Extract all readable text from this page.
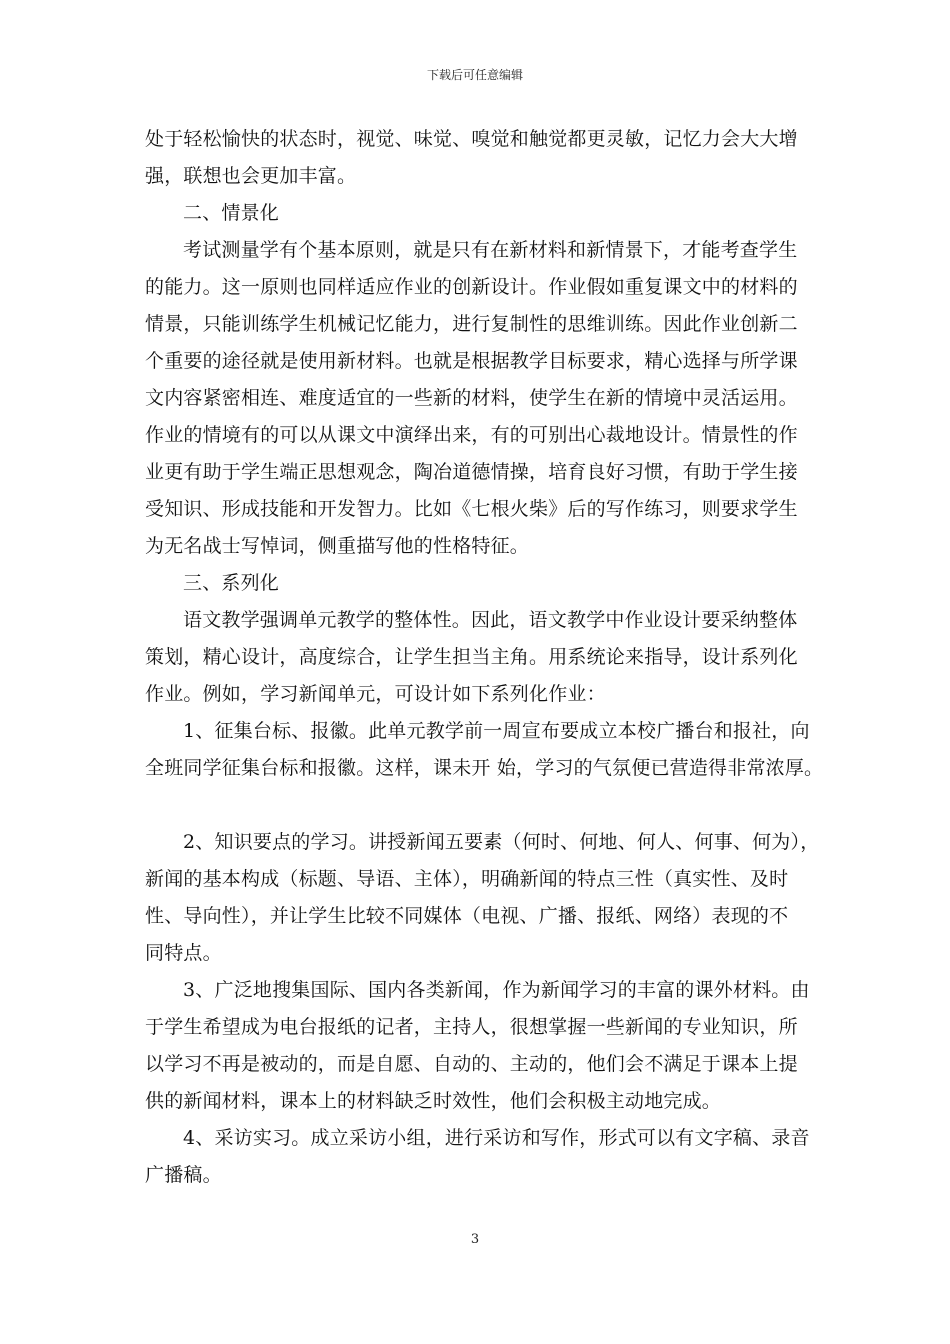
下载后可任意编辑
处于轻松愉快的状态时，视觉、味觉、嗅觉和触觉都更灵敏，记忆力会大大增
强，联想也会更加丰富。
二、情景化
考试测量学有个基本原则，就是只有在新材料和新情景下，才能考查学生
的能力。这一原则也同样适应作业的创新设计。作业假如重复课文中的材料的
情景，只能训练学生机械记忆能力，进行复制性的思维训练。因此作业创新二
个重要的途径就是使用新材料。也就是根据教学目标要求，精心选择与所学课
文内容紧密相连、难度适宜的一些新的材料，使学生在新的情境中灵活运用。
作业的情境有的可以从课文中演绎出来，有的可别出心裁地设计。情景性的作
业更有助于学生端正思想观念，陶冶道德情操，培育良好习惯，有助于学生接
受知识、形成技能和开发智力。比如《七根火柴》后的写作练习，则要求学生
为无名战士写悼词，侧重描写他的性格特征。
三、系列化
语文教学强调单元教学的整体性。因此，语文教学中作业设计要采纳整体
策划，精心设计，高度综合，让学生担当主角。用系统论来指导，设计系列化
作业。例如，学习新闻单元，可设计如下系列化作业：
1、征集台标、报徽。此单元教学前一周宣布要成立本校广播台和报社，向
全班同学征集台标和报徽。这样，课未开 始，学习的气氛便已营造得非常浓厚。
2、知识要点的学习。讲授新闻五要素（何时、何地、何人、何事、何为），
新闻的基本构成（标题、导语、主体），明确新闻的特点三性（真实性、及时
性、导向性），并让学生比较不同媒体（电视、广播、报纸、网络）表现的不
同特点。
3、广泛地搜集国际、国内各类新闻，作为新闻学习的丰富的课外材料。由
于学生希望成为电台报纸的记者，主持人，很想掌握一些新闻的专业知识，所
以学习不再是被动的，而是自愿、自动的、主动的，他们会不满足于课本上提
供的新闻材料，课本上的材料缺乏时效性，他们会积极主动地完成。
4、采访实习。成立采访小组，进行采访和写作，形式可以有文字稿、录音
广播稿。
3
